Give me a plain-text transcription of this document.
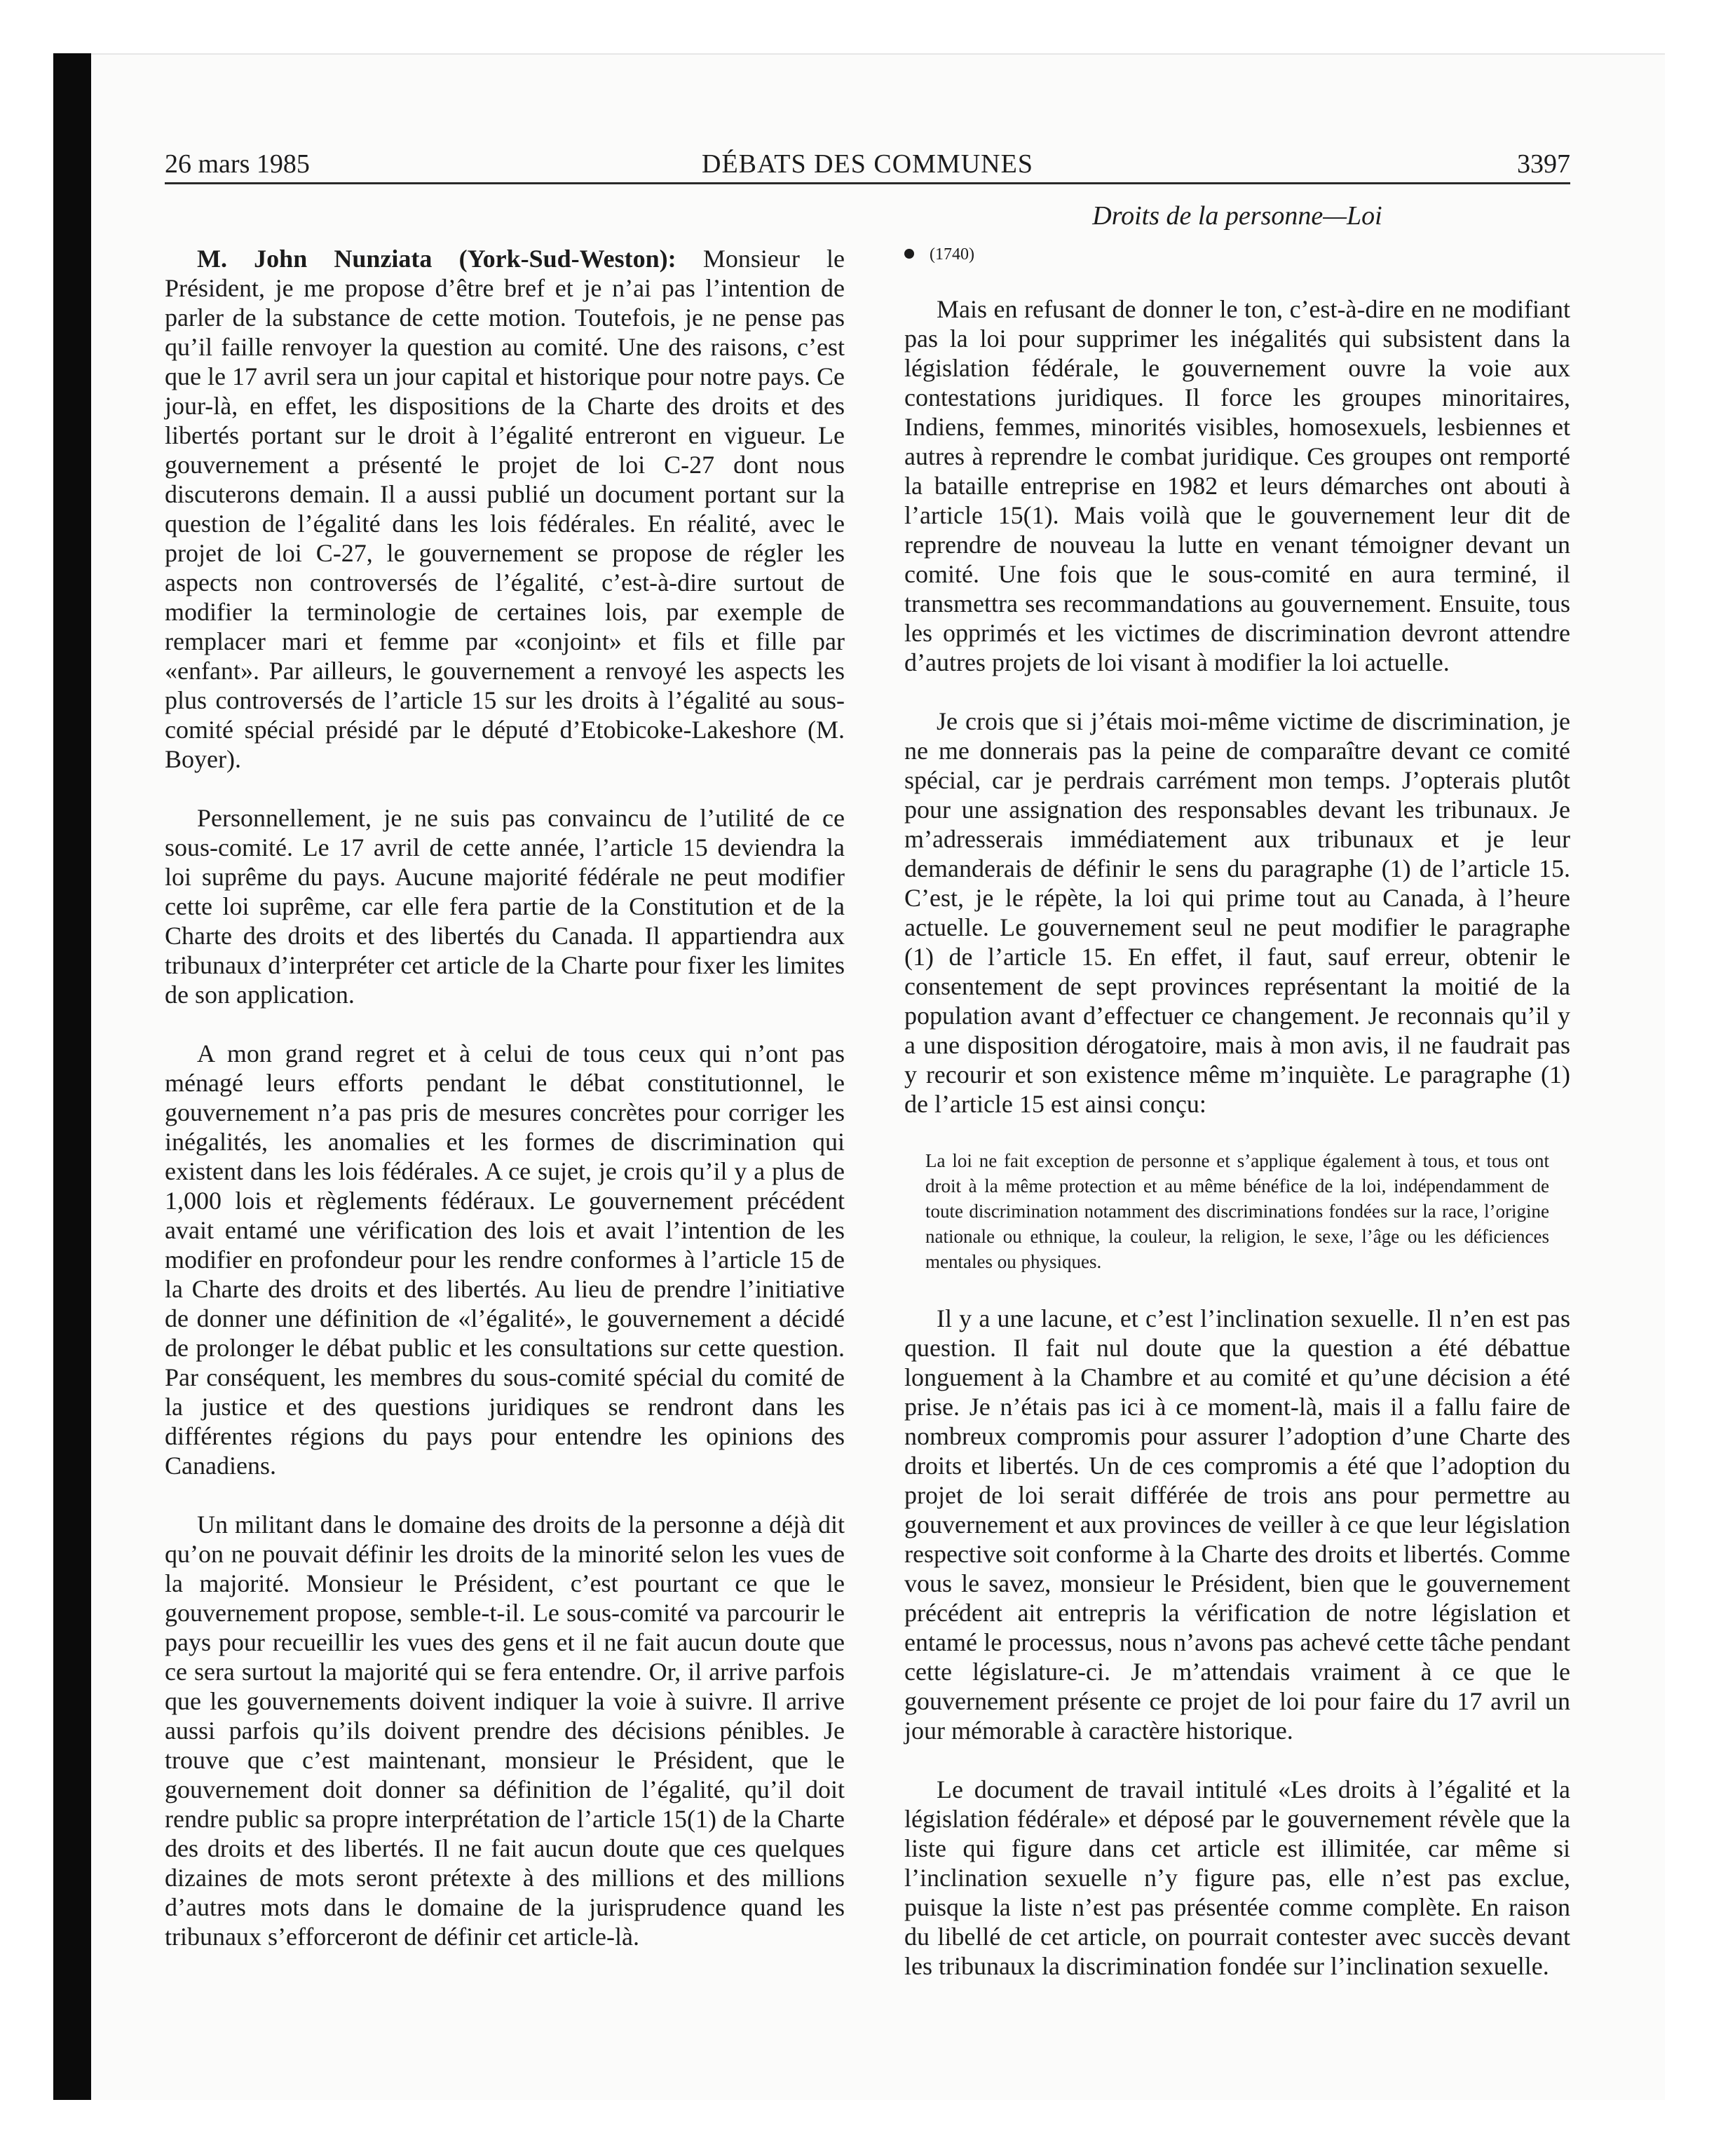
26 mars 1985	DÉBATS DES COMMUNES	3397
Droits de la personne—Loi

M. John Nunziata (York-Sud-Weston): Monsieur le Président, je me propose d’être bref et je n’ai pas l’intention de parler de la substance de cette motion. Toutefois, je ne pense pas qu’il faille renvoyer la question au comité. Une des raisons, c’est que le 17 avril sera un jour capital et historique pour notre pays. Ce jour-là, en effet, les dispositions de la Charte des droits et des libertés portant sur le droit à l’égalité entreront en vigueur. Le gouvernement a présenté le projet de loi C-27 dont nous discuterons demain. Il a aussi publié un document portant sur la question de l’égalité dans les lois fédérales. En réalité, avec le projet de loi C-27, le gouvernement se propose de régler les aspects non controversés de l’égalité, c’est-à-dire surtout de modifier la terminologie de certaines lois, par exemple de remplacer mari et femme par «conjoint» et fils et fille par «enfant». Par ailleurs, le gouvernement a renvoyé les aspects les plus controversés de l’article 15 sur les droits à l’égalité au sous-comité spécial présidé par le député d’Etobicoke-Lakeshore (M. Boyer).

Personnellement, je ne suis pas convaincu de l’utilité de ce sous-comité. Le 17 avril de cette année, l’article 15 deviendra la loi suprême du pays. Aucune majorité fédérale ne peut modifier cette loi suprême, car elle fera partie de la Constitution et de la Charte des droits et des libertés du Canada. Il appartiendra aux tribunaux d’interpréter cet article de la Charte pour fixer les limites de son application.

A mon grand regret et à celui de tous ceux qui n’ont pas ménagé leurs efforts pendant le débat constitutionnel, le gouvernement n’a pas pris de mesures concrètes pour corriger les inégalités, les anomalies et les formes de discrimination qui existent dans les lois fédérales. A ce sujet, je crois qu’il y a plus de 1,000 lois et règlements fédéraux. Le gouvernement précédent avait entamé une vérification des lois et avait l’intention de les modifier en profondeur pour les rendre conformes à l’article 15 de la Charte des droits et des libertés. Au lieu de prendre l’initiative de donner une définition de «l’égalité», le gouvernement a décidé de prolonger le débat public et les consultations sur cette question. Par conséquent, les membres du sous-comité spécial du comité de la justice et des questions juridiques se rendront dans les différentes régions du pays pour entendre les opinions des Canadiens.

Un militant dans le domaine des droits de la personne a déjà dit qu’on ne pouvait définir les droits de la minorité selon les vues de la majorité. Monsieur le Président, c’est pourtant ce que le gouvernement propose, semble-t-il. Le sous-comité va parcourir le pays pour recueillir les vues des gens et il ne fait aucun doute que ce sera surtout la majorité qui se fera entendre. Or, il arrive parfois que les gouvernements doivent indiquer la voie à suivre. Il arrive aussi parfois qu’ils doivent prendre des décisions pénibles. Je trouve que c’est maintenant, monsieur le Président, que le gouvernement doit donner sa définition de l’égalité, qu’il doit rendre public sa propre interprétation de l’article 15(1) de la Charte des droits et des libertés. Il ne fait aucun doute que ces quelques dizaines de mots seront prétexte à des millions et des millions d’autres mots dans le domaine de la jurisprudence quand les tribunaux s’efforceront de définir cet article-là.

(1740)

Mais en refusant de donner le ton, c’est-à-dire en ne modifiant pas la loi pour supprimer les inégalités qui subsistent dans la législation fédérale, le gouvernement ouvre la voie aux contestations juridiques. Il force les groupes minoritaires, Indiens, femmes, minorités visibles, homosexuels, lesbiennes et autres à reprendre le combat juridique. Ces groupes ont remporté la bataille entreprise en 1982 et leurs démarches ont abouti à l’article 15(1). Mais voilà que le gouvernement leur dit de reprendre de nouveau la lutte en venant témoigner devant un comité. Une fois que le sous-comité en aura terminé, il transmettra ses recommandations au gouvernement. Ensuite, tous les opprimés et les victimes de discrimination devront attendre d’autres projets de loi visant à modifier la loi actuelle.

Je crois que si j’étais moi-même victime de discrimination, je ne me donnerais pas la peine de comparaître devant ce comité spécial, car je perdrais carrément mon temps. J’opterais plutôt pour une assignation des responsables devant les tribunaux. Je m’adresserais immédiatement aux tribunaux et je leur demanderais de définir le sens du paragraphe (1) de l’article 15. C’est, je le répète, la loi qui prime tout au Canada, à l’heure actuelle. Le gouvernement seul ne peut modifier le paragraphe (1) de l’article 15. En effet, il faut, sauf erreur, obtenir le consentement de sept provinces représentant la moitié de la population avant d’effectuer ce changement. Je reconnais qu’il y a une disposition dérogatoire, mais à mon avis, il ne faudrait pas y recourir et son existence même m’inquiète. Le paragraphe (1) de l’article 15 est ainsi conçu:

La loi ne fait exception de personne et s’applique également à tous, et tous ont droit à la même protection et au même bénéfice de la loi, indépendamment de toute discrimination notamment des discriminations fondées sur la race, l’origine nationale ou ethnique, la couleur, la religion, le sexe, l’âge ou les déficiences mentales ou physiques.

Il y a une lacune, et c’est l’inclination sexuelle. Il n’en est pas question. Il fait nul doute que la question a été débattue longuement à la Chambre et au comité et qu’une décision a été prise. Je n’étais pas ici à ce moment-là, mais il a fallu faire de nombreux compromis pour assurer l’adoption d’une Charte des droits et libertés. Un de ces compromis a été que l’adoption du projet de loi serait différée de trois ans pour permettre au gouvernement et aux provinces de veiller à ce que leur législation respective soit conforme à la Charte des droits et libertés. Comme vous le savez, monsieur le Président, bien que le gouvernement précédent ait entrepris la vérification de notre législation et entamé le processus, nous n’avons pas achevé cette tâche pendant cette législature-ci. Je m’attendais vraiment à ce que le gouvernement présente ce projet de loi pour faire du 17 avril un jour mémorable à caractère historique.

Le document de travail intitulé «Les droits à l’égalité et la législation fédérale» et déposé par le gouvernement révèle que la liste qui figure dans cet article est illimitée, car même si l’inclination sexuelle n’y figure pas, elle n’est pas exclue, puisque la liste n’est pas présentée comme complète. En raison du libellé de cet article, on pourrait contester avec succès devant les tribunaux la discrimination fondée sur l’inclination sexuelle.
